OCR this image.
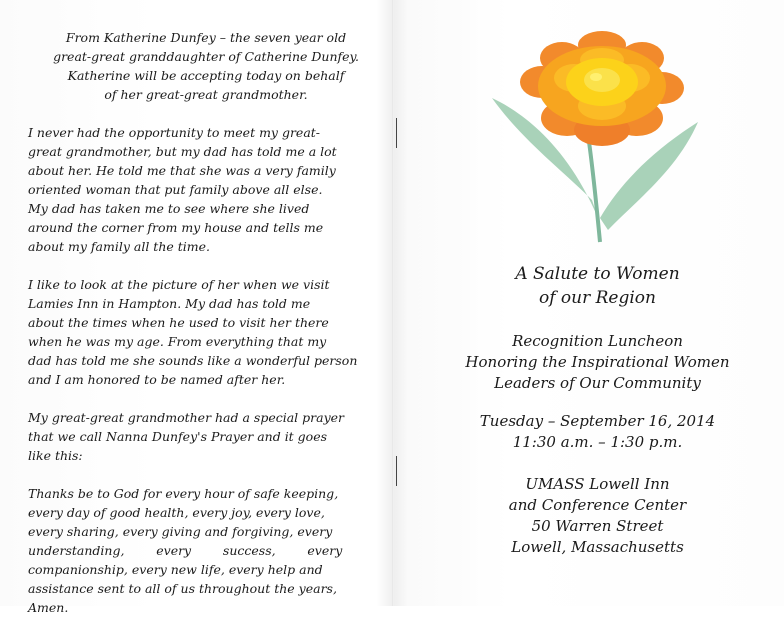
From Katherine Dunfey – the seven year old
great-great granddaughter of Catherine Dunfey.
Katherine will be accepting today on behalf
of her great-great grandmother.
I never had the opportunity to meet my great-
great grandmother, but my dad has told me a lot
about her. He told me that she was a very family
oriented woman that put family above all else.
My dad has taken me to see where she lived
around the corner from my house and tells me
about my family all the time.
I like to look at the picture of her when we visit
Lamies Inn in Hampton. My dad has told me
about the times when he used to visit her there
when he was my age. From everything that my
dad has told me she sounds like a wonderful person
and I am honored to be named after her.
My great-great grandmother had a special prayer
that we call Nanna Dunfey's Prayer and it goes
like this:
Thanks be to God for every hour of safe keeping,
every day of good health, every joy, every love,
every sharing, every giving and forgiving, every
understanding,        every        success,        every
companionship, every new life, every help and
assistance sent to all of us throughout the years,
Amen.
A Salute to Women
of our Region
Recognition Luncheon
Honoring the Inspirational Women
Leaders of Our Community
Tuesday – September 16, 2014
11:30 a.m. – 1:30 p.m.
UMASS Lowell Inn
and Conference Center
50 Warren Street
Lowell, Massachusetts
